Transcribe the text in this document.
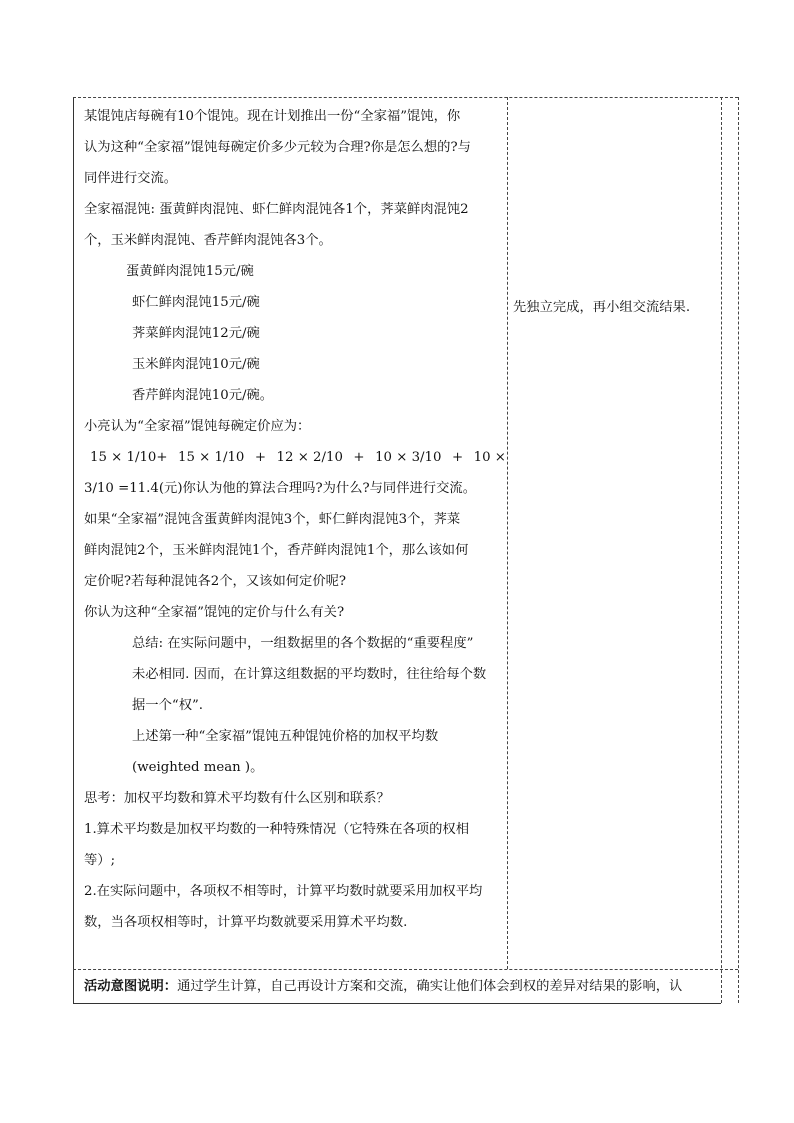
某馄饨店每碗有10个馄饨。现在计划推出一份“全家福”馄饨，你
认为这种“全家福”馄饨每碗定价多少元较为合理?你是怎么想的?与
同伴进行交流。
全家福混饨: 蛋黄鲜肉混饨、虾仁鲜肉混饨各1个，荠菜鲜肉混饨2
个，玉米鲜肉混饨、香芹鲜肉混饨各3个。
蛋黄鲜肉混饨15元/碗
虾仁鲜肉混饨15元/碗
荠菜鲜肉混饨12元/碗
玉米鲜肉混饨10元/碗
香芹鲜肉混饨10元/碗。
小亮认为“全家福”馄饨每碗定价应为：
15 × 1/10+ 15 × 1/10 + 12 × 2/10 + 10 × 3/10 + 10 ×
3/10 =11.4(元)你认为他的算法合理吗?为什么?与同伴进行交流。
如果“全家福”混饨含蛋黄鲜肉混饨3个，虾仁鲜肉混饨3个，荠菜
鲜肉混饨2个，玉米鲜肉混饨1个，香芹鲜肉混饨1个，那么该如何
定价呢?若每种混饨各2个，又该如何定价呢?
你认为这种“全家福”馄饨的定价与什么有关?
总结: 在实际问题中，一组数据里的各个数据的“重要程度”
未必相同. 因而，在计算这组数据的平均数时，往往给每个数
据一个“权”.
上述第一种“全家福”馄饨五种馄饨价格的加权平均数
(weighted mean )。
思考：加权平均数和算术平均数有什么区别和联系？
1.算术平均数是加权平均数的一种特殊情况（它特殊在各项的权相
等）;
2.在实际问题中，各项权不相等时，计算平均数时就要采用加权平均
数，当各项权相等时，计算平均数就要采用算术平均数.
先独立完成，再小组交流结果.
活动意图说明：通过学生计算，自己再设计方案和交流，确实让他们体会到权的差异对结果的影响，认
